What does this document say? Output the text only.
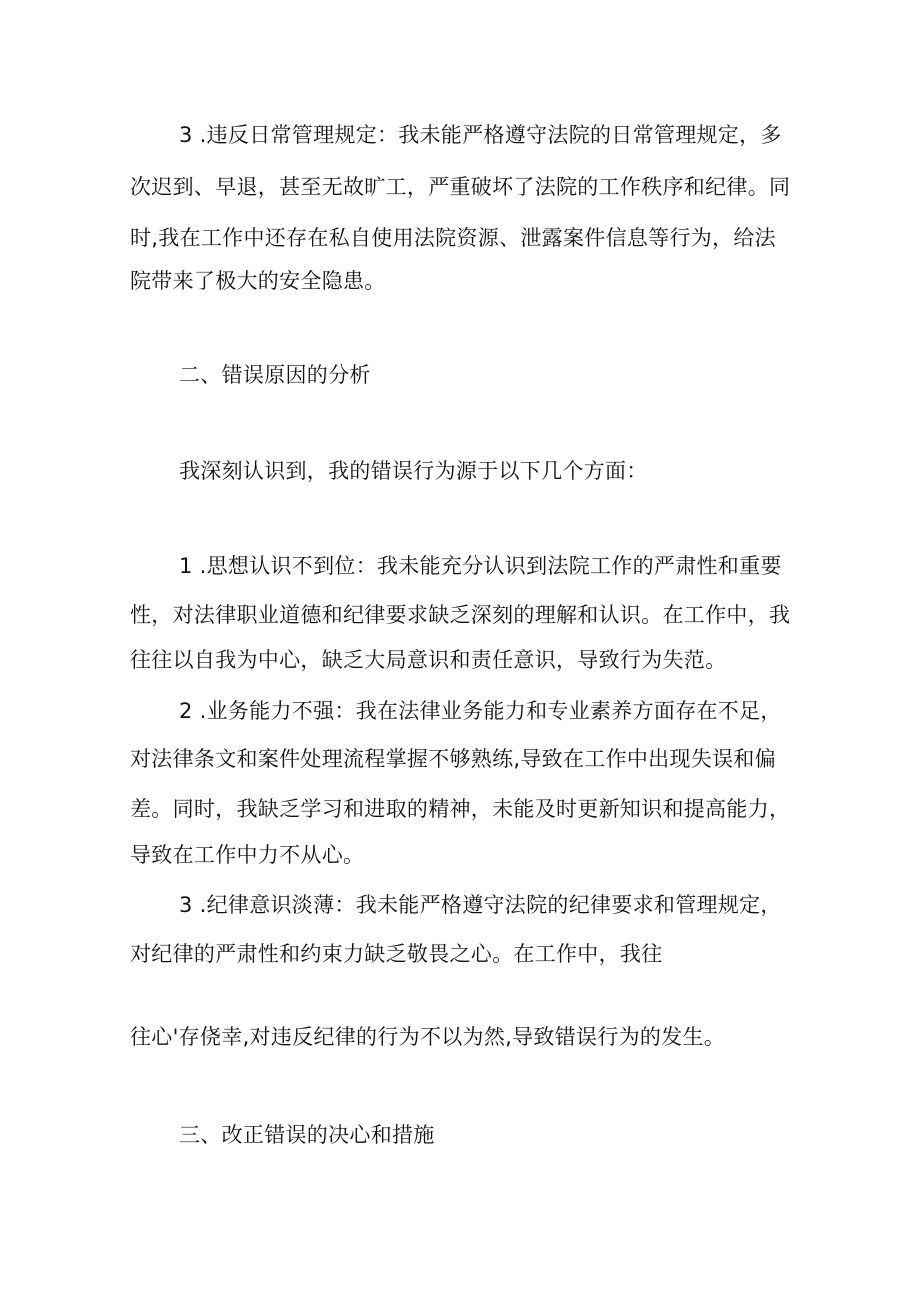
3 .违反日常管理规定：我未能严格遵守法院的日常管理规定，多
次迟到、早退，甚至无故旷工，严重破坏了法院的工作秩序和纪律。同
时,我在工作中还存在私自使用法院资源、泄露案件信息等行为，给法
院带来了极大的安全隐患。
二、错误原因的分析
我深刻认识到，我的错误行为源于以下几个方面：
1 .思想认识不到位：我未能充分认识到法院工作的严肃性和重要
性，对法律职业道德和纪律要求缺乏深刻的理解和认识。在工作中，我
往往以自我为中心，缺乏大局意识和责任意识，导致行为失范。
2 .业务能力不强：我在法律业务能力和专业素养方面存在不足，
对法律条文和案件处理流程掌握不够熟练,导致在工作中出现失误和偏
差。同时，我缺乏学习和进取的精神，未能及时更新知识和提高能力，
导致在工作中力不从心。
3 .纪律意识淡薄：我未能严格遵守法院的纪律要求和管理规定，
对纪律的严肃性和约束力缺乏敬畏之心。在工作中，我往
往心'存侥幸,对违反纪律的行为不以为然,导致错误行为的发生。
三、改正错误的决心和措施
